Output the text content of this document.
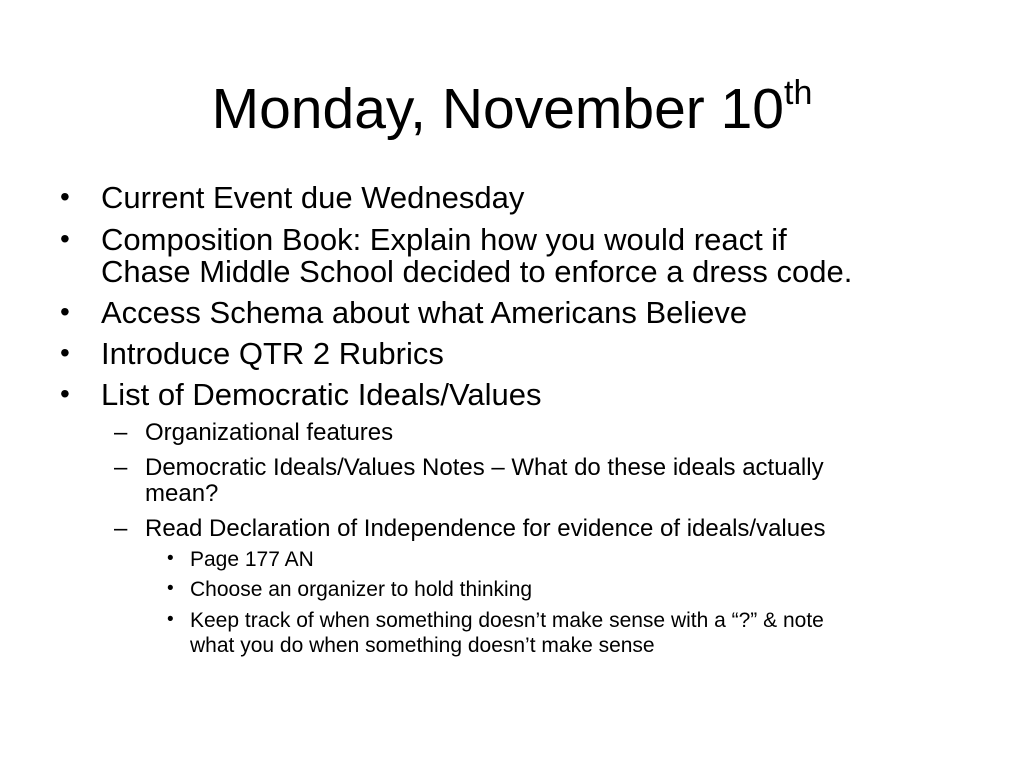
Monday, November 10th
• Current Event due Wednesday

• Composition Book: Explain how you would react if

Chase Middle School decided to enforce a dress code.

• Access Schema about what Americans Believe

• Introduce QTR 2 Rubrics

• List of Democratic Ideals/Values

– Organizational features

– Democratic Ideals/Values Notes – What do these ideals actually

mean?

– Read Declaration of Independence for evidence of ideals/values

• Page 177 AN

• Choose an organizer to hold thinking

• Keep track of when something doesn’t make sense with a “?” & note

what you do when something doesn’t make sense
